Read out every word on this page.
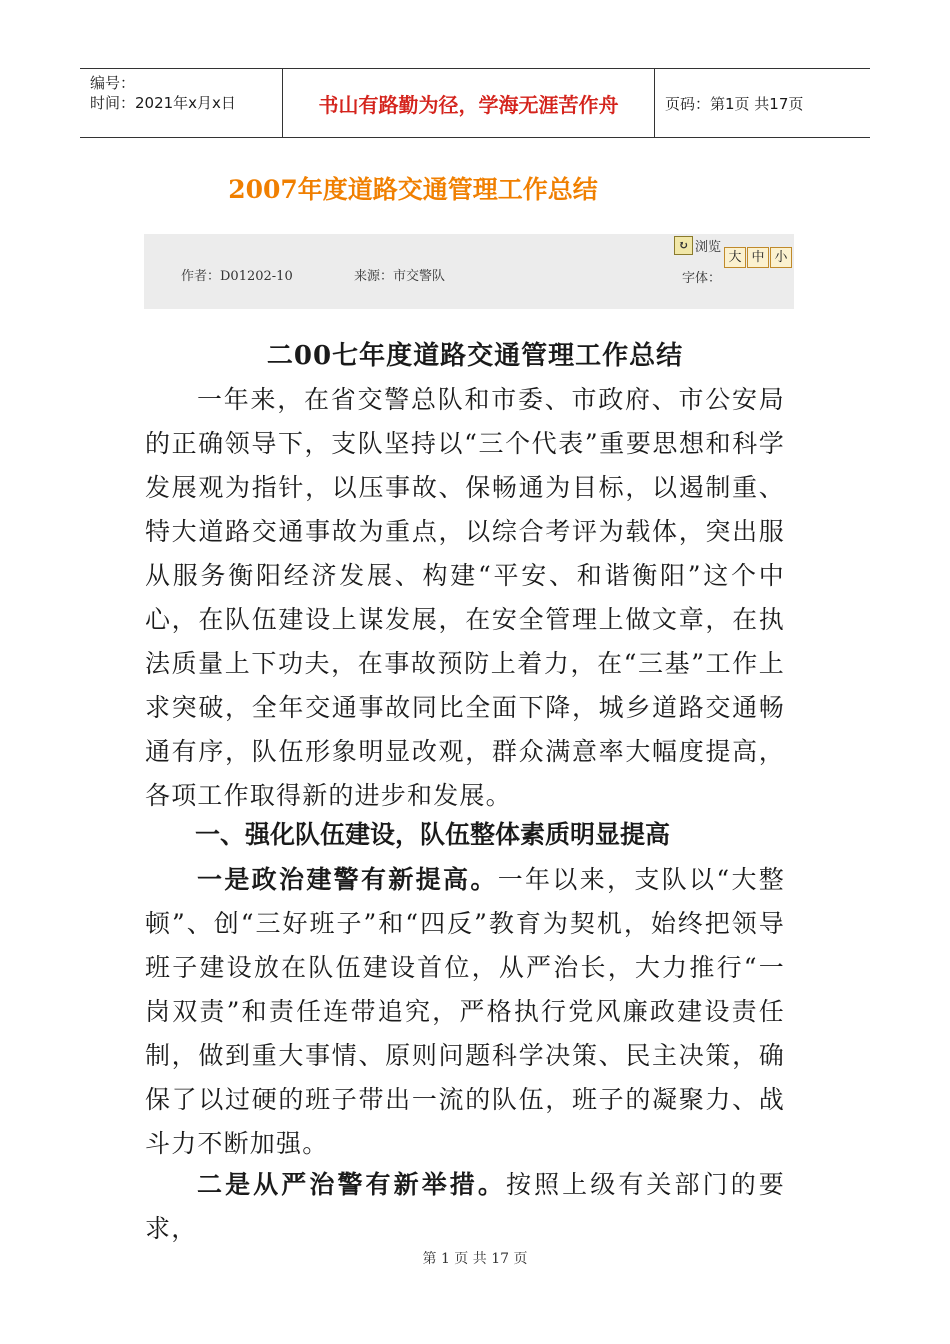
编号：
时间：2021年x月x日	书山有路勤为径，学海无涯苦作舟	页码：第1页 共17页
2007年度道路交通管理工作总结
作者：D01202-10	来源：市交警队
↻ 浏览
字体：
大 中 小
二00七年度道路交通管理工作总结

一年来，在省交警总队和市委、市政府、市公安局的正确领导下，支队坚持以“三个代表”重要思想和科学发展观为指针，以压事故、保畅通为目标，以遏制重、特大道路交通事故为重点，以综合考评为载体，突出服从服务衡阳经济发展、构建“平安、和谐衡阳”这个中心，在队伍建设上谋发展，在安全管理上做文章，在执法质量上下功夫，在事故预防上着力，在“三基”工作上求突破，全年交通事故同比全面下降，城乡道路交通畅通有序，队伍形象明显改观，群众满意率大幅度提高，各项工作取得新的进步和发展。

一、强化队伍建设，队伍整体素质明显提高

一是政治建警有新提高。一年以来，支队以“大整顿”、创“三好班子”和“四反”教育为契机，始终把领导班子建设放在队伍建设首位，从严治长，大力推行“一岗双责”和责任连带追究，严格执行党风廉政建设责任制，做到重大事情、原则问题科学决策、民主决策，确保了以过硬的班子带出一流的队伍，班子的凝聚力、战斗力不断加强。

二是从严治警有新举措。按照上级有关部门的要求，

第 1 页 共 17 页
